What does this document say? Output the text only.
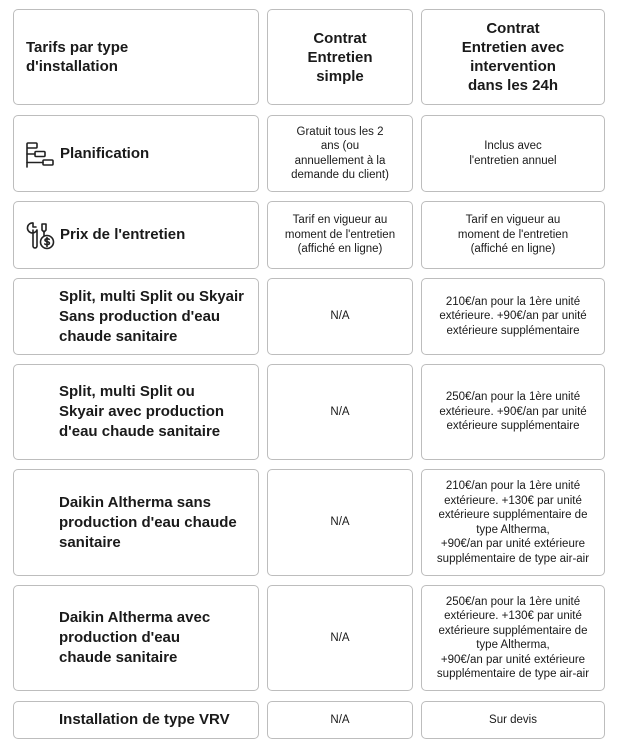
Tarifs par type
d'installation
Contrat
Entretien
simple
Contrat
Entretien avec
intervention
dans les 24h
Planification
Gratuit tous les 2
ans (ou
annuellement à la
demande du client)
Inclus avec
l'entretien annuel
Prix de l'entretien
Tarif en vigueur au
moment de l'entretien
(affiché en ligne)
Tarif en vigueur au
moment de l'entretien
(affiché en ligne)
Split, multi Split ou Skyair
Sans production d'eau
chaude sanitaire
N/A
210€/an pour la 1ère unité
extérieure. +90€/an par unité
extérieure supplémentaire
Split, multi Split ou
Skyair avec production
d'eau chaude sanitaire
N/A
250€/an pour la 1ère unité
extérieure. +90€/an par unité
extérieure supplémentaire
Daikin Altherma sans
production d'eau chaude
sanitaire
N/A
210€/an pour la 1ère unité
extérieure. +130€ par unité
extérieure supplémentaire de
type Altherma,
+90€/an par unité extérieure
supplémentaire de type air-air
Daikin Altherma avec
production d'eau
chaude sanitaire
N/A
250€/an pour la 1ère unité
extérieure. +130€ par unité
extérieure supplémentaire de
type Altherma,
+90€/an par unité extérieure
supplémentaire de type air-air
Installation de type VRV	N/A	Sur devis
